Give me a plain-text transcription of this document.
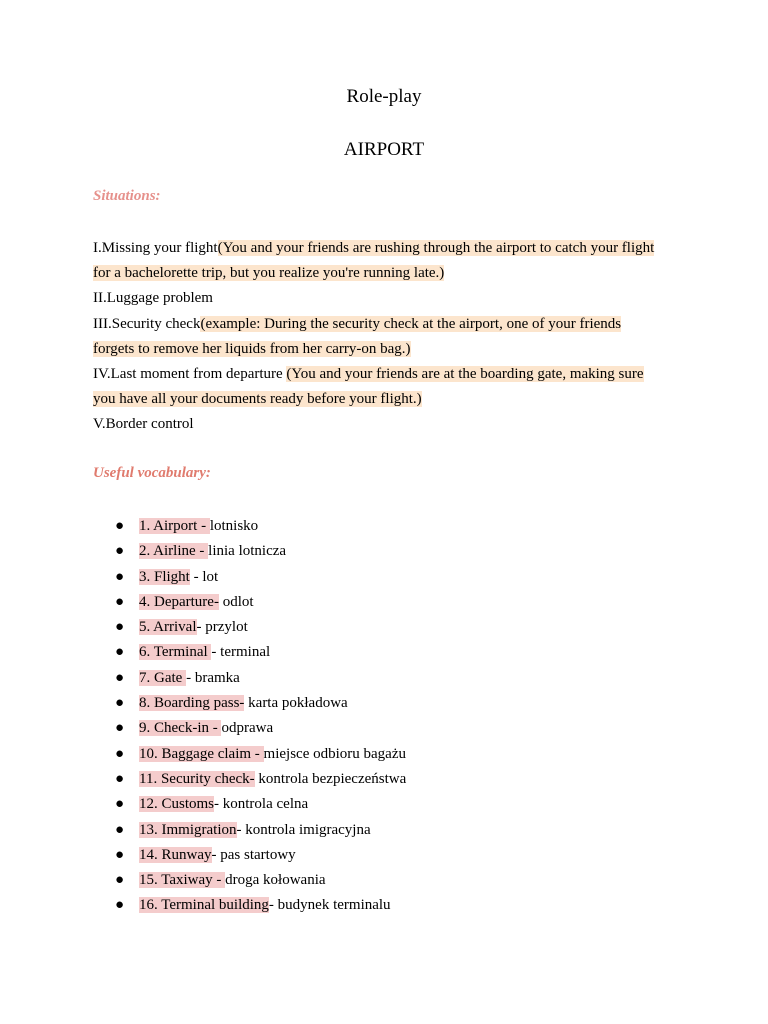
Role-play
AIRPORT
Situations:
I.Missing your flight(You and your friends are rushing through the airport to catch your flight
for a bachelorette trip, but you realize you're running late.)
II.Luggage problem
III.Security check(example: During the security check at the airport, one of your friends
forgets to remove her liquids from her carry-on bag.)
IV.Last moment from departure (You and your friends are at the boarding gate, making sure
you have all your documents ready before your flight.)
V.Border control
Useful vocabulary:
● 1. Airport - lotnisko
● 2. Airline - linia lotnicza
● 3. Flight - lot
● 4. Departure- odlot
● 5. Arrival- przylot
● 6. Terminal - terminal
● 7. Gate - bramka
● 8. Boarding pass- karta pokładowa
● 9. Check-in - odprawa
● 10. Baggage claim - miejsce odbioru bagażu
● 11. Security check- kontrola bezpieczeństwa
● 12. Customs- kontrola celna
● 13. Immigration- kontrola imigracyjna
● 14. Runway- pas startowy
● 15. Taxiway - droga kołowania
● 16. Terminal building- budynek terminalu
